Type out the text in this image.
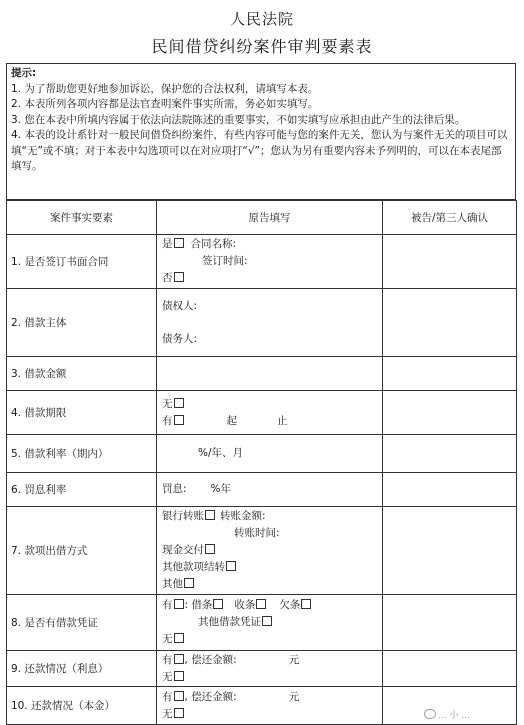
人民法院
民间借贷纠纷案件审判要素表
提示:
1. 为了帮助您更好地参加诉讼，保护您的合法权利，请填写本表。
2. 本表所列各项内容都是法官查明案件事实所需，务必如实填写。
3. 您在本表中所填内容属于依法向法院陈述的重要事实，不如实填写应承担由此产生的法律后果。
4. 本表的设计系针对一般民间借贷纠纷案件，有些内容可能与您的案件无关，您认为与案件无关的项目可以填“无”或不填；对于本表中勾选项可以在对应项打“√”；您认为另有重要内容未予列明的，可以在本表尾部填写。
案件事实要素	原告填写	被告/第三人确认
1. 是否签订书面合同	是 合同名称:
签订时间:
否	

2. 借款主体	债权人:
债务人:	

3. 借款金额		
4. 借款期限	无
有 起 止	

5. 借款利率（期内）	%/年、月	

6. 罚息利率	罚息: %年	

7. 款项出借方式	银行转账 转账金额:
转账时间:
现金交付
其他款项结转
其他	

8. 是否有借款凭证	有 : 借条 收条 欠条
其他借款凭证
无	

9. 还款情况（利息）	有 , 偿还金额: 元
无	

10. 还款情况（本金）	有 , 偿还金额: 元
无	
		... 小 ...
